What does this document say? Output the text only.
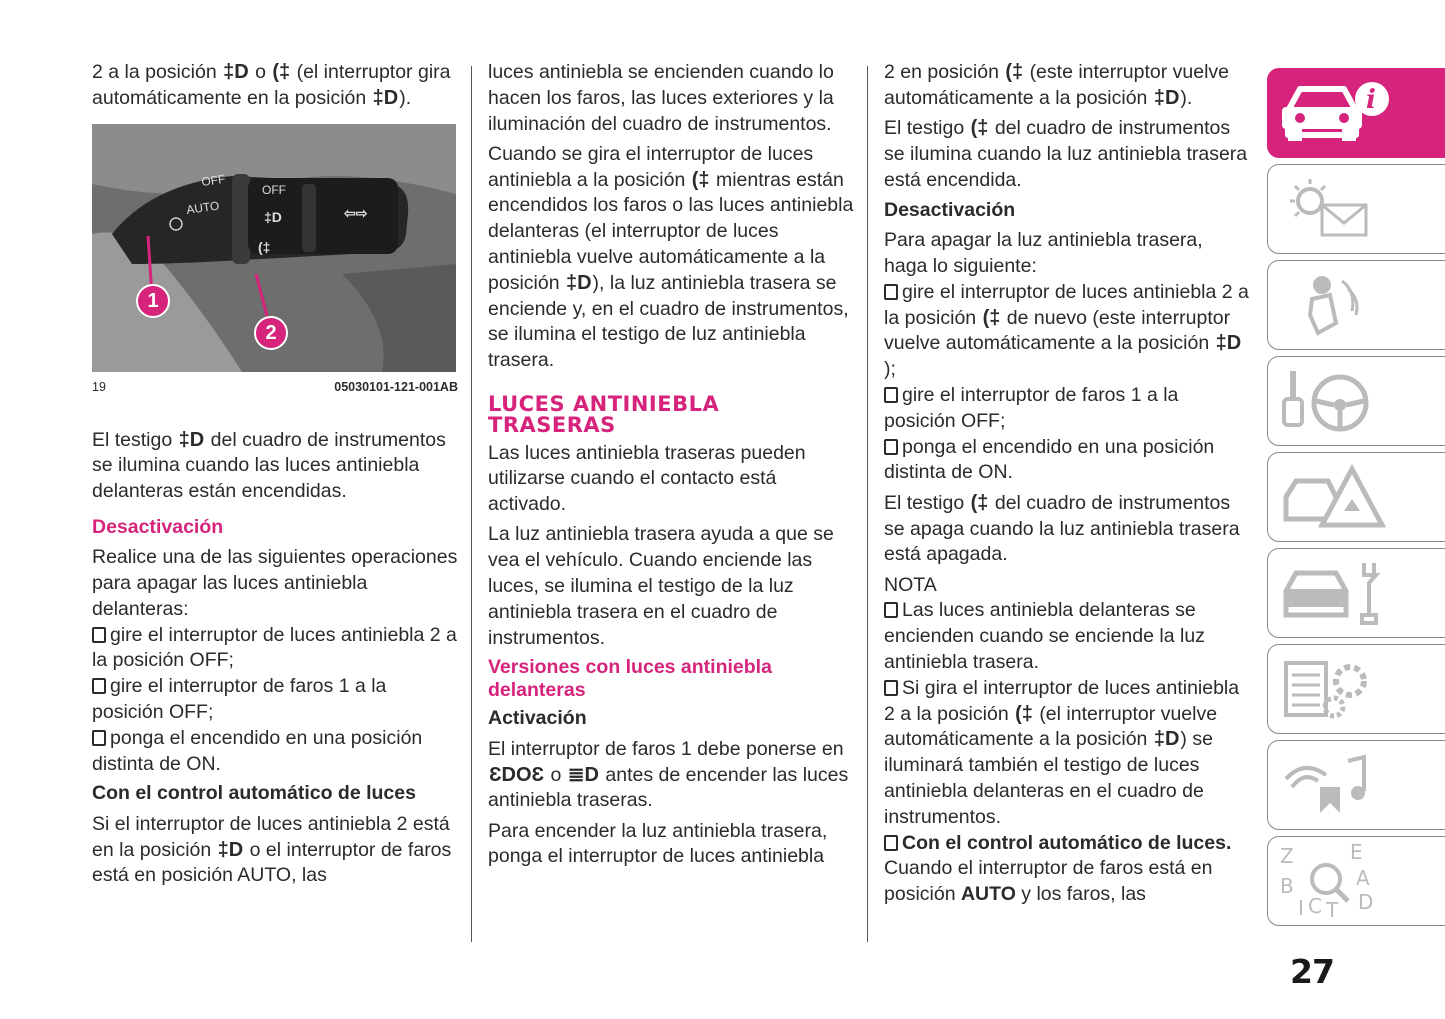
2 a la posición ‡D o (‡ (el interruptor gira automáticamente en la posición ‡D).

OFF
AUTO
OFF
‡D
(‡
⇦⇨
1
2
19	05030101-121-001AB

El testigo ‡D del cuadro de instrumentos se ilumina cuando las luces antiniebla delanteras están encendidas.

Desactivación

Realice una de las siguientes operaciones para apagar las luces antiniebla delanteras:

gire el interruptor de luces antiniebla 2 a la posición OFF;

gire el interruptor de faros 1 a la posición OFF;

ponga el encendido en una posición distinta de ON.

Con el control automático de luces

Si el interruptor de luces antiniebla 2 está en la posición ‡D o el interruptor de faros está en posición AUTO, las

luces antiniebla se encienden cuando lo hacen los faros, las luces exteriores y la iluminación del cuadro de instrumentos.

Cuando se gira el interruptor de luces antiniebla a la posición (‡ mientras están encendidos los faros o las luces antiniebla delanteras (el interruptor de luces antiniebla vuelve automáticamente a la posición ‡D), la luz antiniebla trasera se enciende y, en el cuadro de instrumentos, se ilumina el testigo de luz antiniebla trasera.

LUCES ANTINIEBLA TRASERAS

Las luces antiniebla traseras pueden utilizarse cuando el contacto está activado.

La luz antiniebla trasera ayuda a que se vea el vehículo. Cuando enciende las luces, se ilumina el testigo de la luz antiniebla trasera en el cuadro de instrumentos.

Versiones con luces antiniebla delanteras

Activación

El interruptor de faros 1 debe ponerse en ƐDOƐ o ≣D antes de encender las luces antiniebla traseras.

Para encender la luz antiniebla trasera, ponga el interruptor de luces antiniebla

2 en posición (‡ (este interruptor vuelve automáticamente a la posición ‡D).

El testigo (‡ del cuadro de instrumentos se ilumina cuando la luz antiniebla trasera está encendida.

Desactivación

Para apagar la luz antiniebla trasera, haga lo siguiente:

gire el interruptor de luces antiniebla 2 a la posición (‡ de nuevo (este interruptor vuelve automáticamente a la posición ‡D);

gire el interruptor de faros 1 a la posición OFF;

ponga el encendido en una posición distinta de ON.

El testigo (‡ del cuadro de instrumentos se apaga cuando la luz antiniebla trasera está apagada.

NOTA

Las luces antiniebla delanteras se encienden cuando se enciende la luz antiniebla trasera.

Si gira el interruptor de luces antiniebla 2 a la posición (‡ (el interruptor vuelve automáticamente a la posición ‡D) se iluminará también el testigo de luces antiniebla delanteras en el cuadro de instrumentos.

Con el control automático de luces. Cuando el interruptor de faros está en posición AUTO y los faros, las

i
Z	E
A
B
D
I C T
27
